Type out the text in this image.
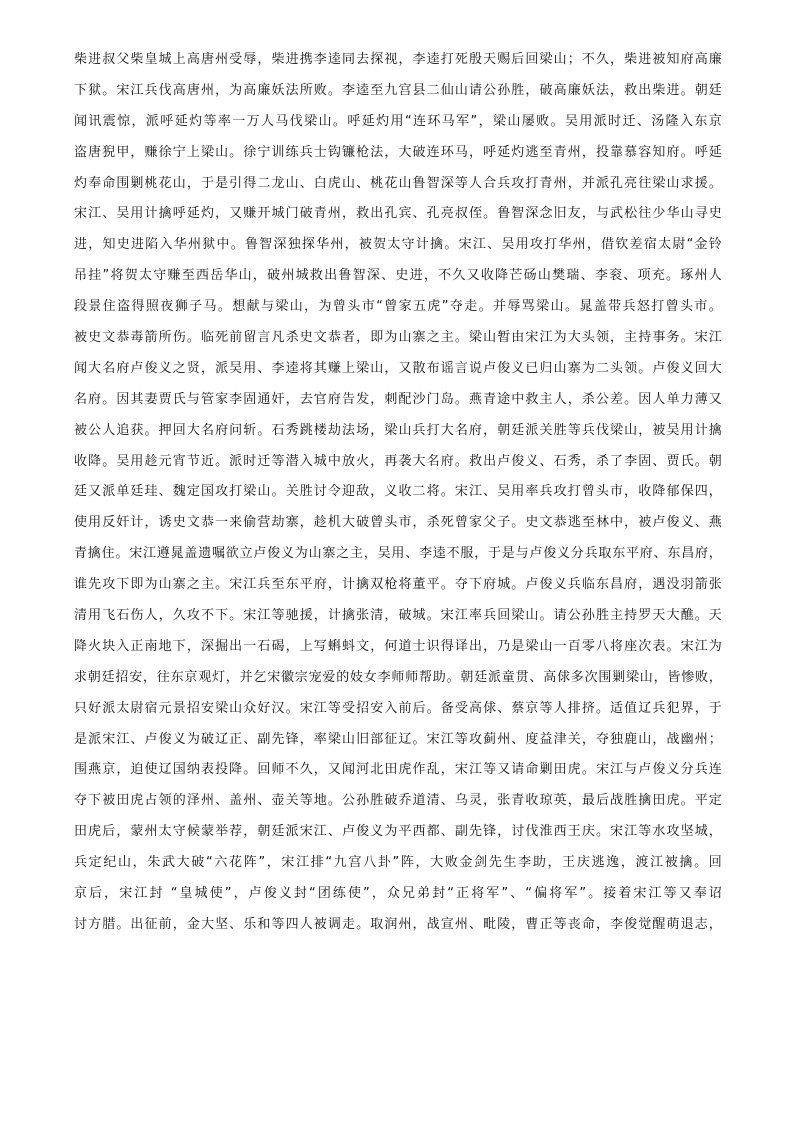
柴进叔父柴皇城上高唐州受辱，柴进携李逵同去探视，李逵打死殷天赐后回梁山；不久，柴进被知府高廉
下狱。宋江兵伐高唐州，为高廉妖法所败。李逵至九宫县二仙山请公孙胜，破高廉妖法，救出柴进。朝廷
闻讯震惊，派呼延灼等率一万人马伐梁山。呼延灼用“连环马军”，梁山屡败。吴用派时迁、汤隆入东京
盗唐猊甲，赚徐宁上梁山。徐宁训练兵士钩镰枪法，大破连环马，呼延灼逃至青州，投靠慕容知府。呼延
灼奉命围剿桃花山，于是引得二龙山、白虎山、桃花山鲁智深等人合兵攻打青州，并派孔亮往梁山求援。
宋江、吴用计擒呼延灼，又赚开城门破青州，救出孔宾、孔亮叔侄。鲁智深念旧友，与武松往少华山寻史
进，知史进陷入华州狱中。鲁智深独探华州，被贺太守计擒。宋江、吴用攻打华州，借钦差宿太尉“金铃
吊挂”将贺太守赚至西岳华山，破州城救出鲁智深、史进，不久又收降芒砀山樊瑞、李衮、项充。琢州人
段景住盗得照夜狮子马。想献与梁山，为曾头市“曾家五虎”夺走。并辱骂梁山。晁盖带兵怒打曾头市。
被史文恭毒箭所伤。临死前留言凡杀史文恭者，即为山寨之主。梁山暂由宋江为大头领，主持事务。宋江
闻大名府卢俊义之贤，派吴用、李逵将其赚上梁山，又散布谣言说卢俊义已归山寨为二头领。卢俊义回大
名府。因其妻贾氏与管家李固通奸，去官府告发，刺配沙门岛。燕青途中救主人，杀公差。因人单力薄又
被公人追获。押回大名府问斩。石秀跳楼劫法场，梁山兵打大名府，朝廷派关胜等兵伐梁山，被吴用计擒
收降。吴用趁元宵节近。派时迁等潜入城中放火，再袭大名府。救出卢俊义、石秀，杀了李固、贾氏。朝
廷又派单廷珪、魏定国攻打梁山。关胜讨令迎敌，义收二将。宋江、吴用率兵攻打曾头市，收降郁保四，
使用反奸计，诱史文恭一来偷营劫寨，趁机大破曾头市，杀死曾家父子。史文恭逃至林中，被卢俊义、燕
青擒住。宋江遵晁盖遗嘱欲立卢俊义为山寨之主，吴用、李逵不服，于是与卢俊义分兵取东平府、东昌府，
谁先攻下即为山寨之主。宋江兵至东平府，计擒双枪将董平。夺下府城。卢俊义兵临东昌府，遇没羽箭张
清用飞石伤人，久攻不下。宋江等驰援，计擒张清，破城。宋江率兵回梁山。请公孙胜主持罗天大醮。天
降火块入正南地下，深掘出一石碣，上写蝌蚪文，何道士识得译出，乃是梁山一百零八将座次表。宋江为
求朝廷招安，往东京观灯，并乞宋徽宗宠爱的妓女李师师帮助。朝廷派童贯、高俅多次围剿梁山，皆惨败，
只好派太尉宿元景招安梁山众好汉。宋江等受招安入前后。备受高俅、蔡京等人排挤。适值辽兵犯界，于
是派宋江、卢俊义为破辽正、副先锋，率梁山旧部征辽。宋江等攻蓟州、度益津关，夺独鹿山，战幽州；
围燕京，迫使辽国纳表投降。回师不久，又闻河北田虎作乱，宋江等又请命剿田虎。宋江与卢俊义分兵连
夺下被田虎占领的泽州、盖州、壶关等地。公孙胜破乔道清、乌灵，张青收琼英，最后战胜擒田虎。平定
田虎后，蒙州太守候蒙举荐，朝廷派宋江、卢俊义为平西都、副先锋，讨伐淮西王庆。宋江等水攻坚城，
兵定纪山，朱武大破“六花阵”，宋江排“九宫八卦”阵，大败金剑先生李助，王庆逃逸，渡江被擒。回
京后，宋江封 “皇城使”，卢俊义封“团练使”，众兄弟封“正将军”、“偏将军”。接着宋江等又奉诏
讨方腊。出征前，金大坚、乐和等四人被调走。取润州，战宣州、毗陵，曹正等丧命，李俊觉醒萌退志，
